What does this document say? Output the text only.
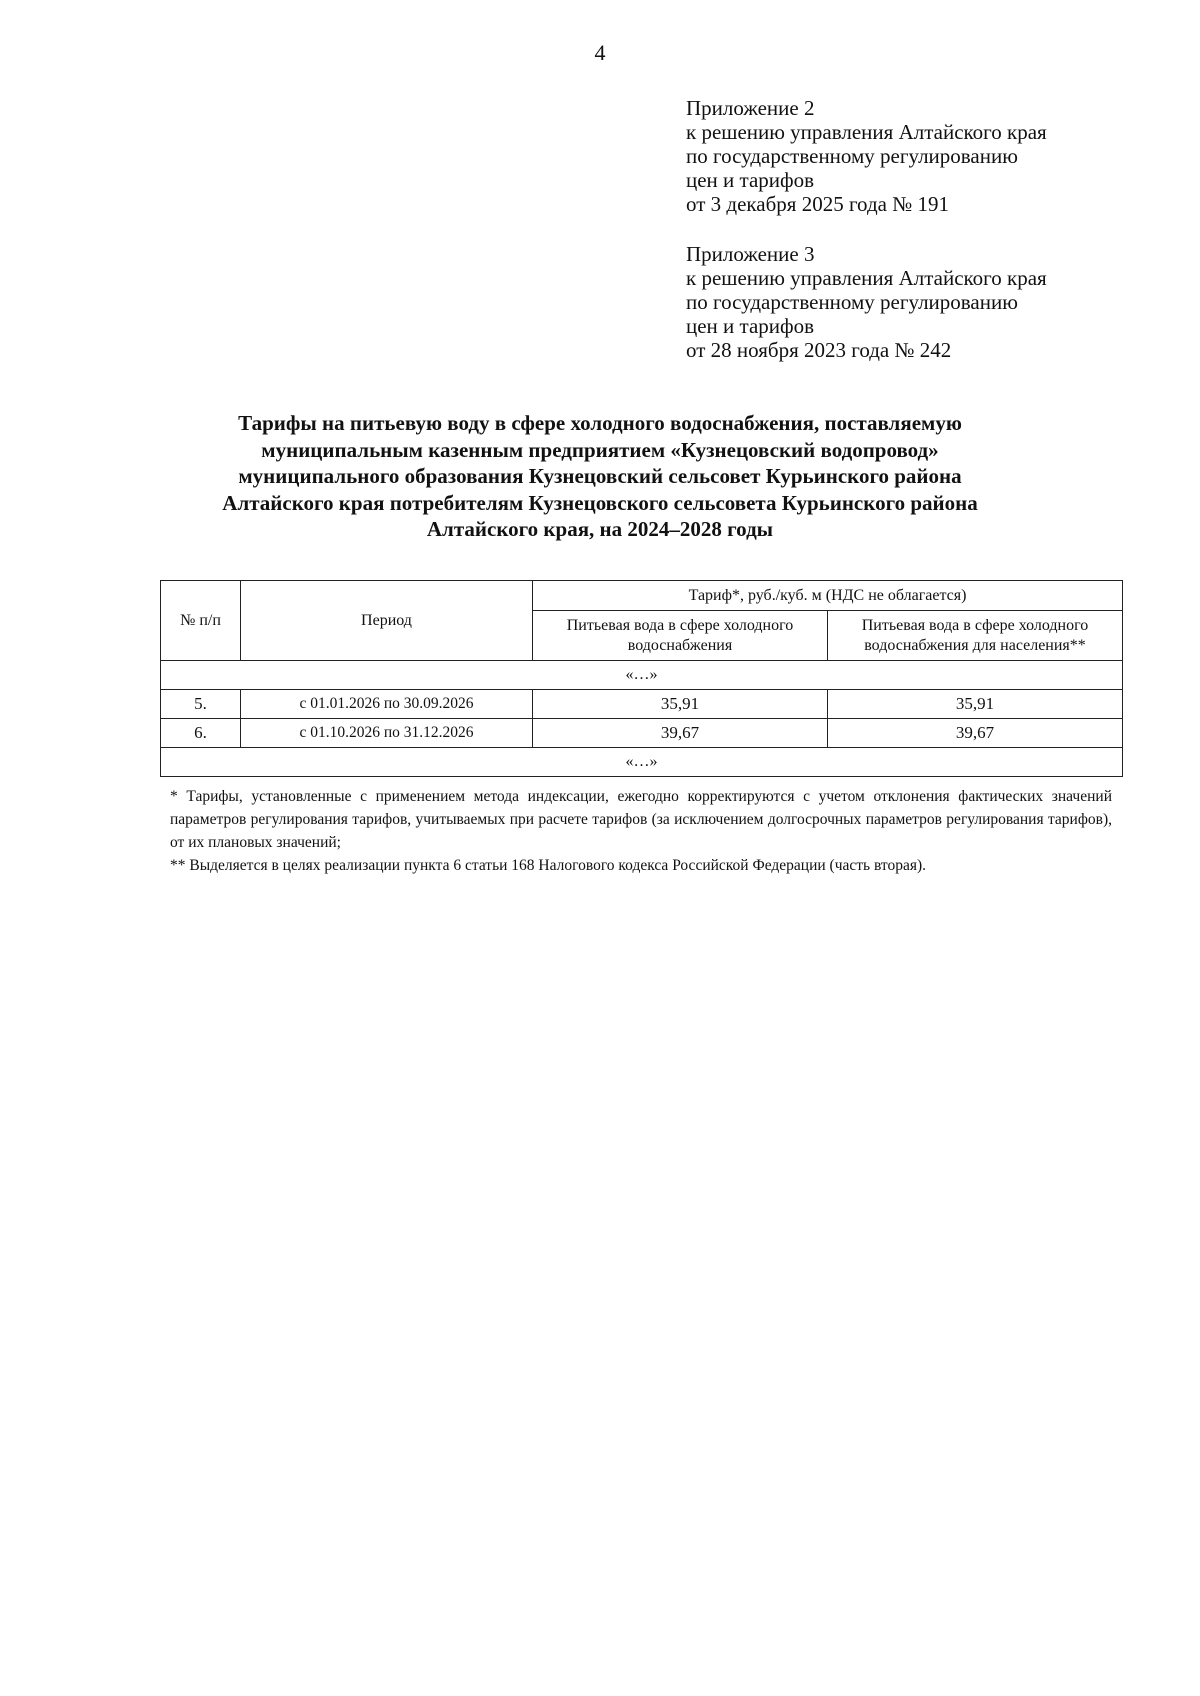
4
Приложение 2
к решению управления Алтайского края
по государственному регулированию
цен и тарифов
от 3 декабря 2025 года № 191
Приложение 3
к решению управления Алтайского края
по государственному регулированию
цен и тарифов
от 28 ноября 2023 года № 242
Тарифы на питьевую воду в сфере холодного водоснабжения, поставляемую
муниципальным казенным предприятием «Кузнецовский водопровод»
муниципального образования Кузнецовский сельсовет Курьинского района
Алтайского края потребителям Кузнецовского сельсовета Курьинского района
Алтайского края, на 2024–2028 годы
№ п/п	Период	Тариф*, руб./куб. м (НДС не облагается)	
		Питьевая вода в сфере холодного водоснабжения	Питьевая вода в сфере холодного водоснабжения для населения**
«…»			
5.	с 01.01.2026 по 30.09.2026	35,91	35,91
6.	с 01.10.2026 по 31.12.2026	39,67	39,67
«…»			

* Тарифы, установленные с применением метода индексации, ежегодно корректируются с учетом отклонения фактических значений параметров регулирования тарифов, учитываемых при расчете тарифов (за исключением долгосрочных параметров регулирования тарифов), от их плановых значений;

** Выделяется в целях реализации пункта 6 статьи 168 Налогового кодекса Российской Федерации (часть вторая).
